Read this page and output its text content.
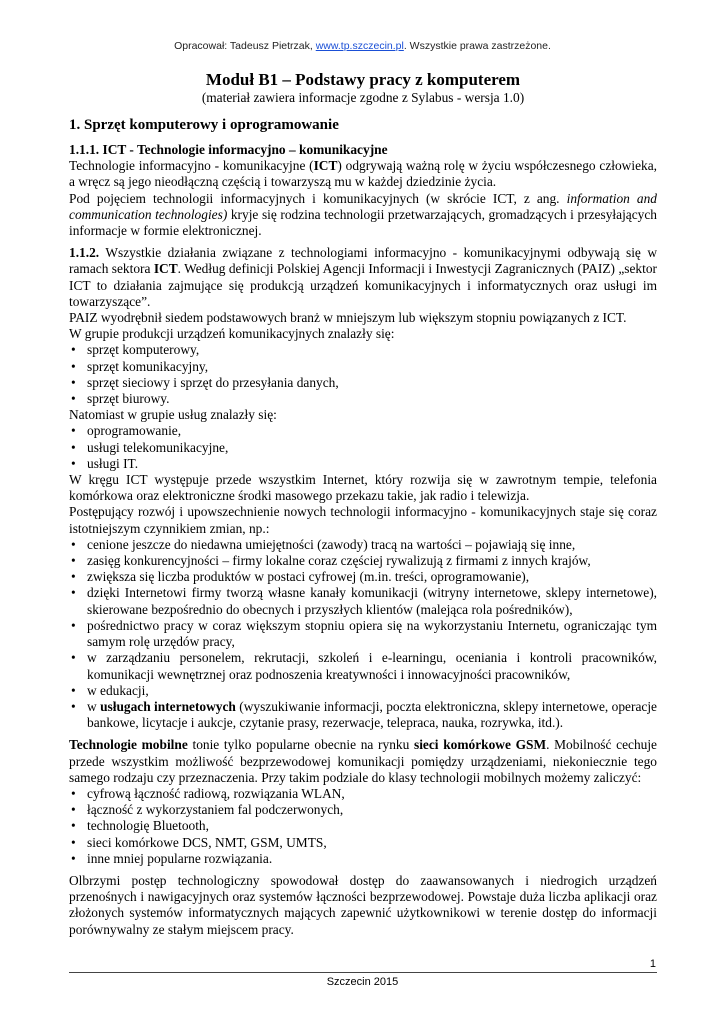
Opracował: Tadeusz Pietrzak, www.tp.szczecin.pl. Wszystkie prawa zastrzeżone.

Moduł B1 – Podstawy pracy z komputerem

(materiał zawiera informacje zgodne z Sylabus - wersja 1.0)

1. Sprzęt komputerowy i oprogramowanie
1.1.1. ICT - Technologie informacyjno – komunikacyjne

Technologie informacyjno - komunikacyjne (ICT) odgrywają ważną rolę w życiu współczesnego człowieka, a wręcz są jego nieodłączną częścią i towarzyszą mu w każdej dziedzinie życia.

Pod pojęciem technologii informacyjnych i komunikacyjnych (w skrócie ICT, z ang. information and communication technologies) kryje się rodzina technologii przetwarzających, gromadzących i przesyłających informacje w formie elektronicznej.

1.1.2. Wszystkie działania związane z technologiami informacyjno - komunikacyjnymi odbywają się w ramach sektora ICT. Według definicji Polskiej Agencji Informacji i Inwestycji Zagranicznych (PAIZ) „sektor ICT to działania zajmujące się produkcją urządzeń komunikacyjnych i informatycznych oraz usługi im towarzyszące”.

PAIZ wyodrębnił siedem podstawowych branż w mniejszym lub większym stopniu powiązanych z ICT.

W grupie produkcji urządzeń komunikacyjnych znalazły się:

• sprzęt komputerowy,
• sprzęt komunikacyjny,
• sprzęt sieciowy i sprzęt do przesyłania danych,
• sprzęt biurowy.

Natomiast w grupie usług znalazły się:

• oprogramowanie,
• usługi telekomunikacyjne,
• usługi IT.

W kręgu ICT występuje przede wszystkim Internet, który rozwija się w zawrotnym tempie, telefonia komórkowa oraz elektroniczne środki masowego przekazu takie, jak radio i telewizja.

Postępujący rozwój i upowszechnienie nowych technologii informacyjno - komunikacyjnych staje się coraz istotniejszym czynnikiem zmian, np.:

• cenione jeszcze do niedawna umiejętności (zawody) tracą na wartości – pojawiają się inne,
• zasięg konkurencyjności – firmy lokalne coraz częściej rywalizują z firmami z innych krajów,
• zwiększa się liczba produktów w postaci cyfrowej (m.in. treści, oprogramowanie),
• dzięki Internetowi firmy tworzą własne kanały komunikacji (witryny internetowe, sklepy internetowe), skierowane bezpośrednio do obecnych i przyszłych klientów (malejąca rola pośredników),
• pośrednictwo pracy w coraz większym stopniu opiera się na wykorzystaniu Internetu, ograniczając tym samym rolę urzędów pracy,
• w zarządzaniu personelem, rekrutacji, szkoleń i e-learningu, oceniania i kontroli pracowników, komunikacji wewnętrznej oraz podnoszenia kreatywności i innowacyjności pracowników,
• w edukacji,
• w usługach internetowych (wyszukiwanie informacji, poczta elektroniczna, sklepy internetowe, operacje bankowe, licytacje i aukcje, czytanie prasy, rezerwacje, telepraca, nauka, rozrywka, itd.).

Technologie mobilne tonie tylko popularne obecnie na rynku sieci komórkowe GSM. Mobilność cechuje przede wszystkim możliwość bezprzewodowej komunikacji pomiędzy urządzeniami, niekoniecznie tego samego rodzaju czy przeznaczenia. Przy takim podziale do klasy technologii mobilnych możemy zaliczyć:

• cyfrową łączność radiową, rozwiązania WLAN,
• łączność z wykorzystaniem fal podczerwonych,
• technologię Bluetooth,
• sieci komórkowe DCS, NMT, GSM, UMTS,
• inne mniej popularne rozwiązania.

Olbrzymi postęp technologiczny spowodował dostęp do zaawansowanych i niedrogich urządzeń przenośnych i nawigacyjnych oraz systemów łączności bezprzewodowej. Powstaje duża liczba aplikacji oraz złożonych systemów informatycznych mających zapewnić użytkownikowi w terenie dostęp do informacji porównywalny ze stałym miejscem pracy.

1
Szczecin 2015
